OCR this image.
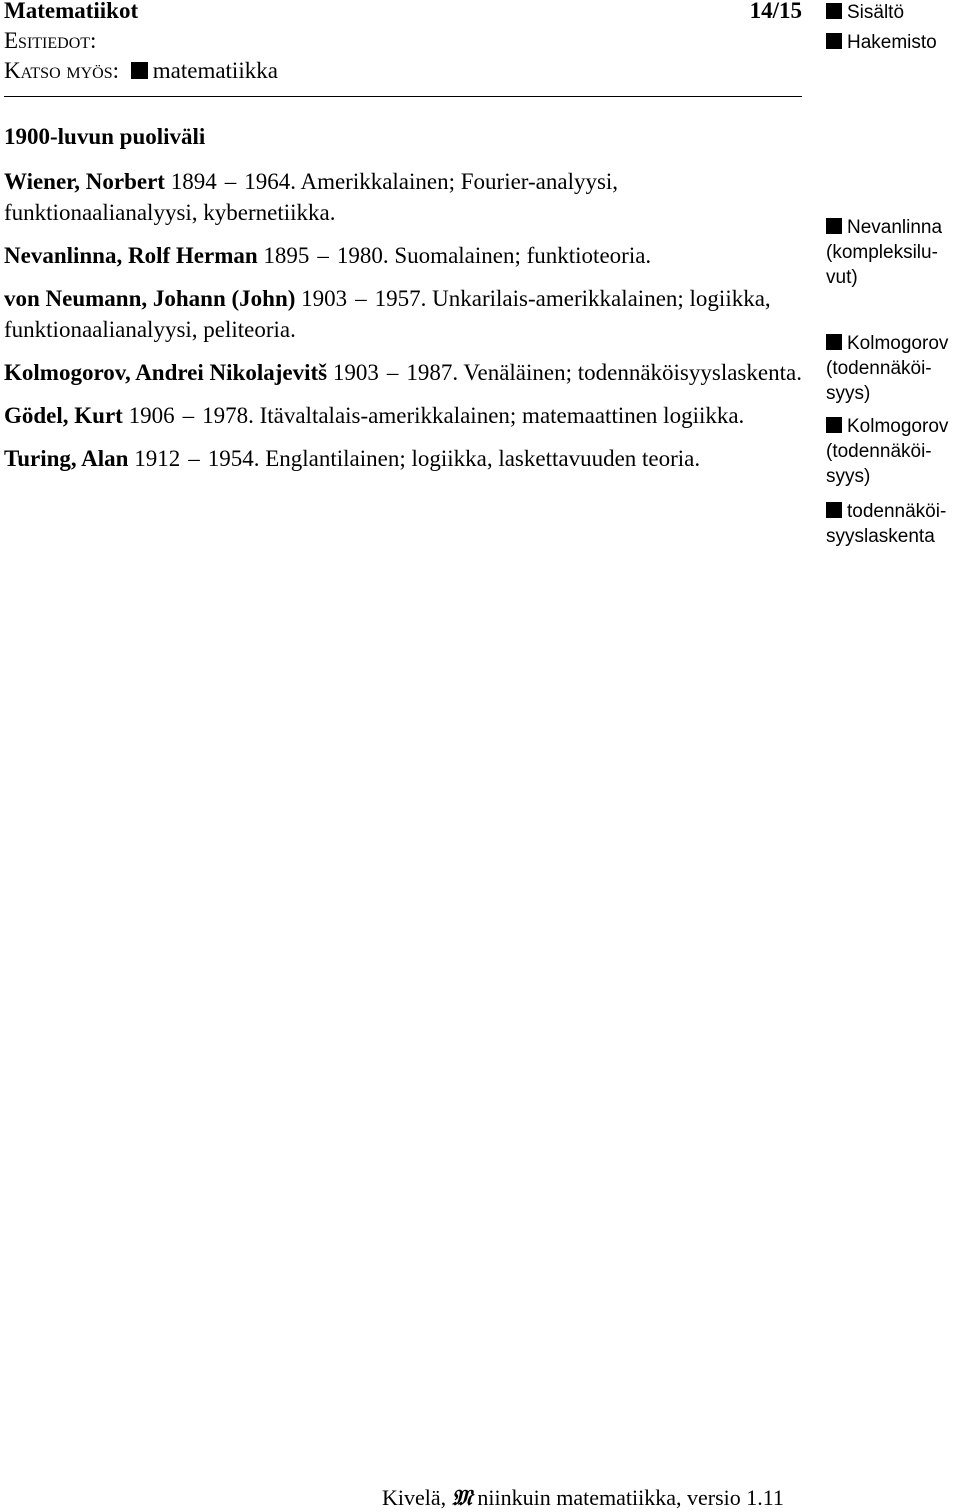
Matematiikot	14/15
Esitiedot:
Katso myös: matematiikka
1900-luvun puoliväli

Wiener, Norbert 1894 – 1964. Amerikkalainen; Fourier-analyysi, funktionaalianalyysi, kybernetiikka.

Nevanlinna, Rolf Herman 1895 – 1980. Suomalainen; funktioteoria.

von Neumann, Johann (John) 1903 – 1957. Unkarilais-amerikkalainen; logiikka, funktionaalianalyysi, peliteoria.

Kolmogorov, Andrei Nikolajevitš 1903 – 1987. Venäläinen; todennäköisyyslaskenta.

Gödel, Kurt 1906 – 1978. Itävaltalais-amerikkalainen; matemaattinen logiikka.

Turing, Alan 1912 – 1954. Englantilainen; logiikka, laskettavuuden teoria.

Sisältö
Hakemisto
Nevanlinna
(kompleksilu-
vut)
Kolmogorov
(todennäköi-
syys)
Kolmogorov
(todennäköi-
syys)
todennäköi-
syyslaskenta
Kivelä, 𝔐 niinkuin matematiikka, versio 1.11
